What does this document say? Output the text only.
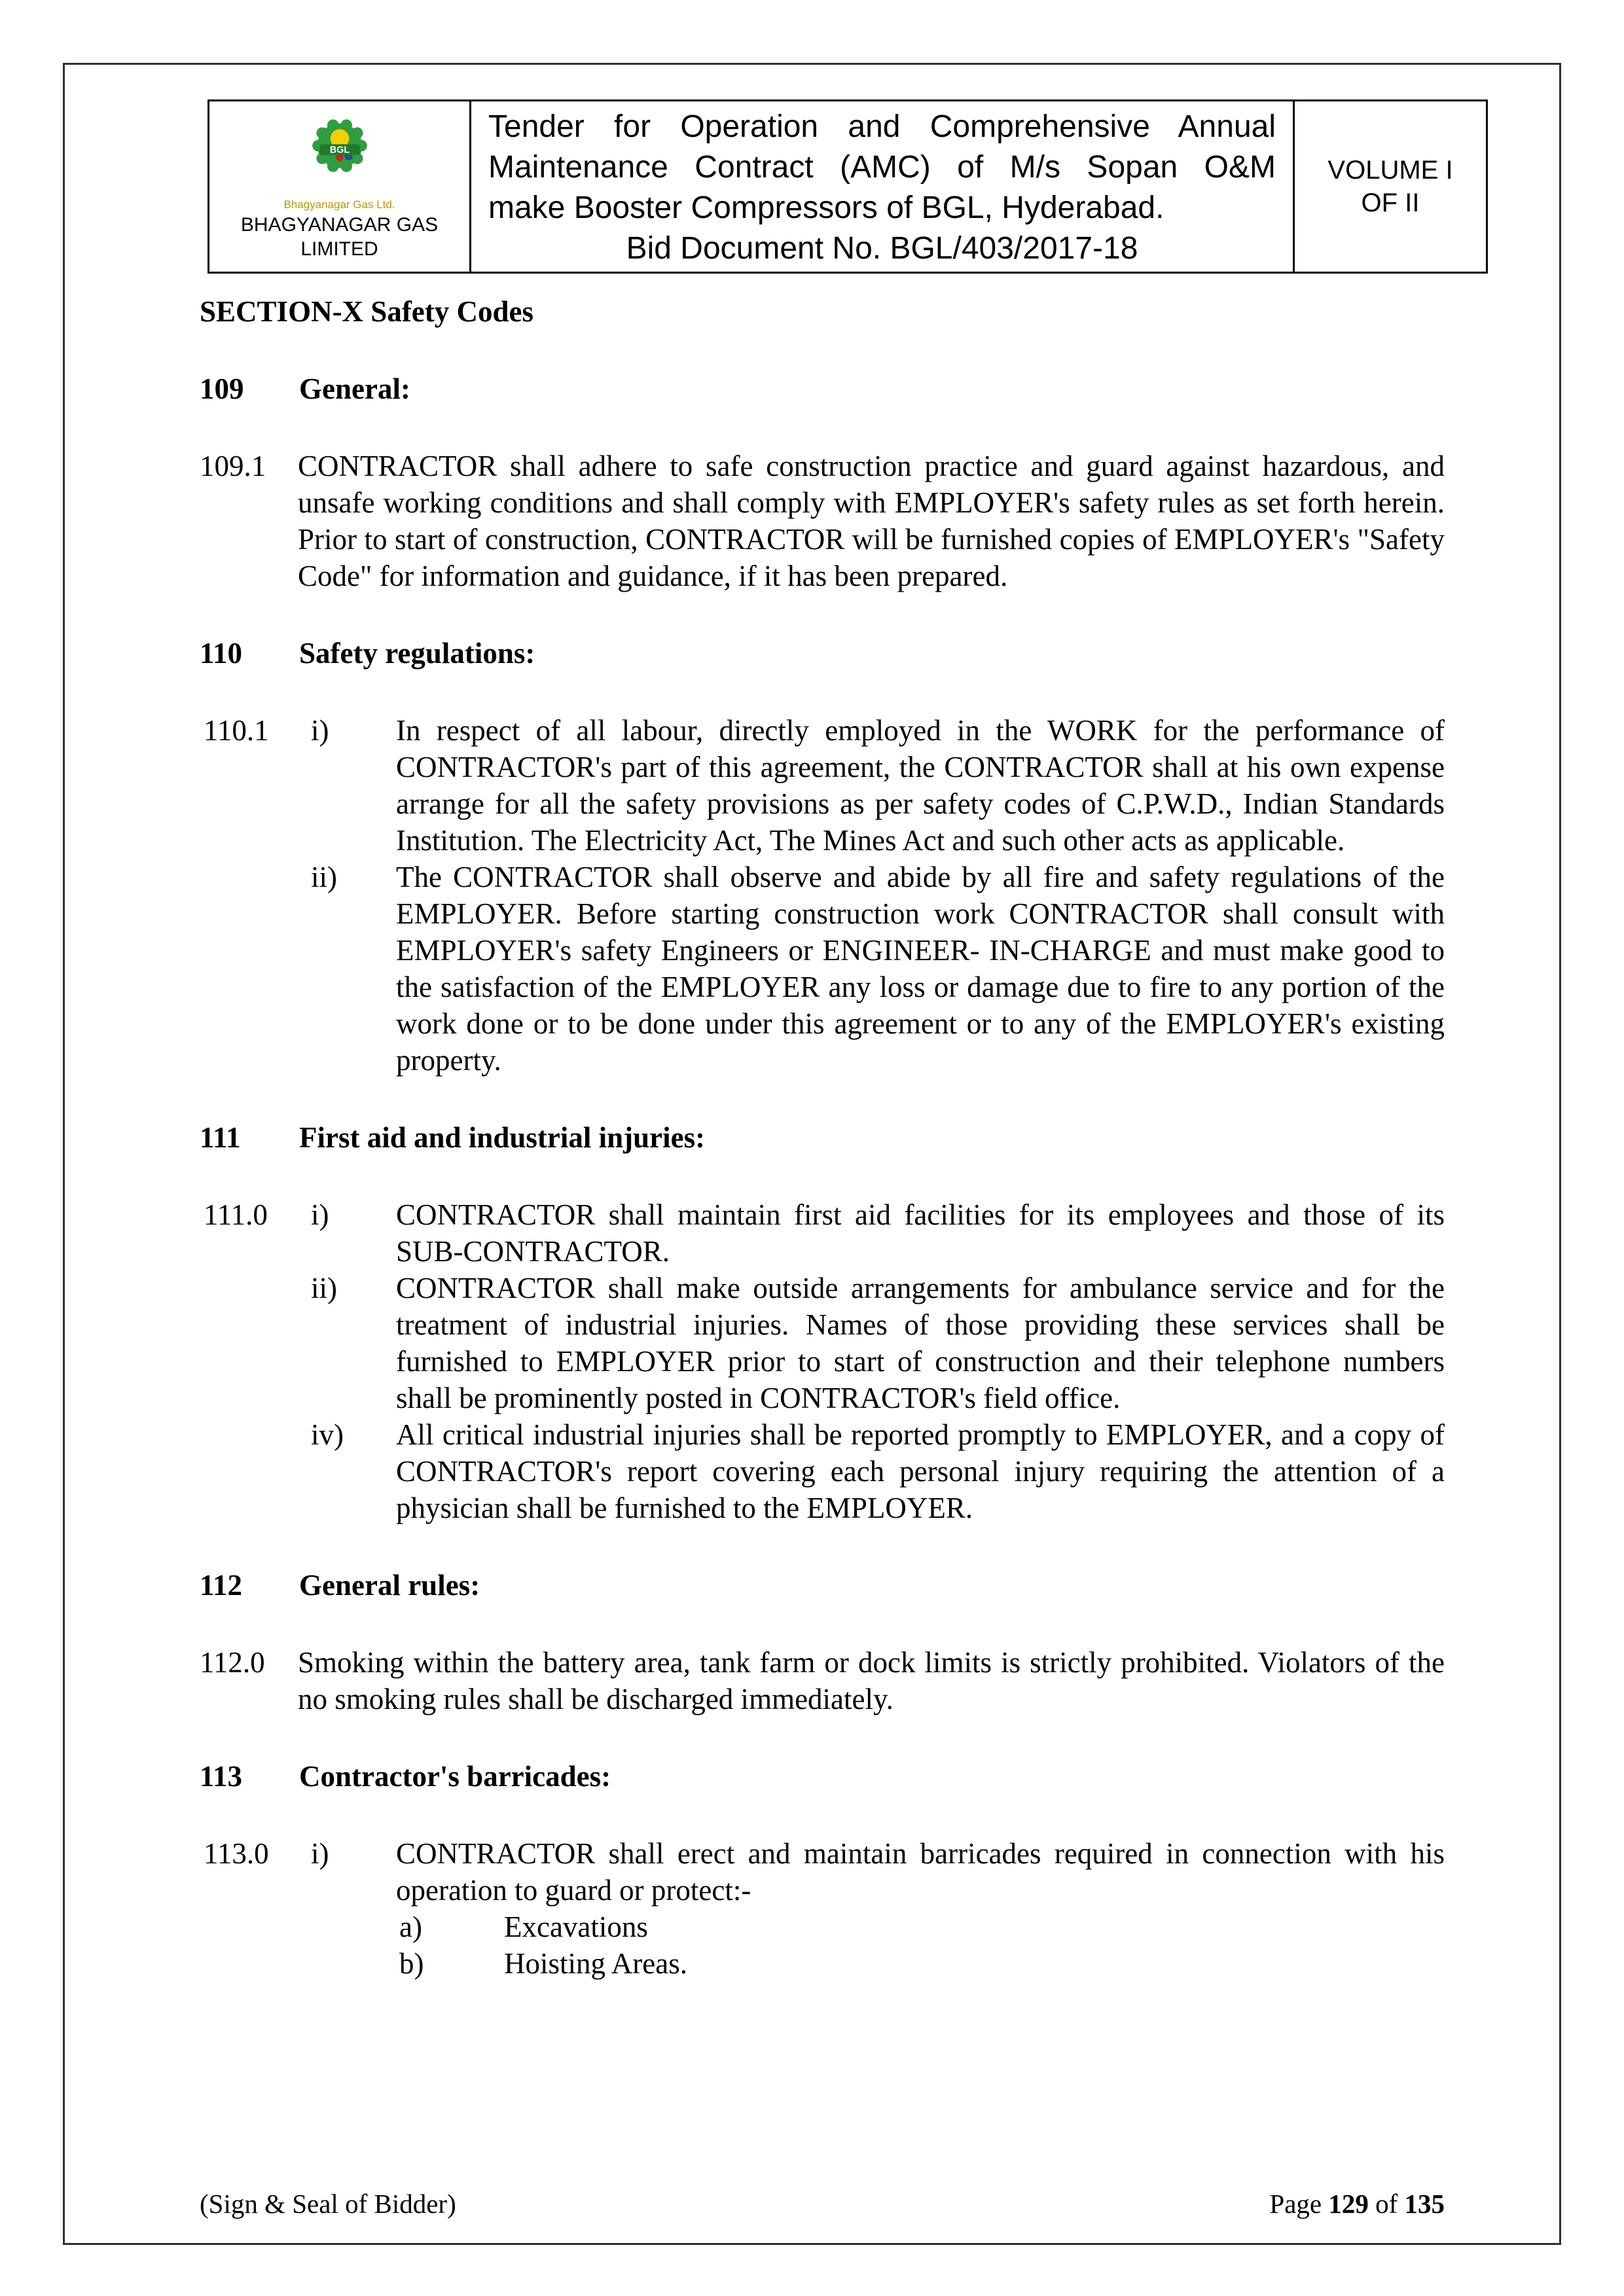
BGL
Bhagyanagar Gas Ltd.
BHAGYANAGAR GAS
LIMITED
Tender for Operation and Comprehensive Annual
Maintenance Contract (AMC) of M/s Sopan O&M
make Booster Compressors of BGL, Hyderabad.
Bid Document No. BGL/403/2017-18
VOLUME I
OF II
SECTION-X Safety Codes
109	General:
109.1 CONTRACTOR shall adhere to safe construction practice and guard against hazardous, and unsafe working conditions and shall comply with EMPLOYER's safety rules as set forth herein. Prior to start of construction, CONTRACTOR will be furnished copies of EMPLOYER's "Safety Code" for information and guidance, if it has been prepared.
110	Safety regulations:
110.1 i) In respect of all labour, directly employed in the WORK for the performance of CONTRACTOR's part of this agreement, the CONTRACTOR shall at his own expense arrange for all the safety provisions as per safety codes of C.P.W.D., Indian Standards Institution. The Electricity Act, The Mines Act and such other acts as applicable.
ii) The CONTRACTOR shall observe and abide by all fire and safety regulations of the EMPLOYER. Before starting construction work CONTRACTOR shall consult with EMPLOYER's safety Engineers or ENGINEER- IN-CHARGE and must make good to the satisfaction of the EMPLOYER any loss or damage due to fire to any portion of the work done or to be done under this agreement or to any of the EMPLOYER's existing property.
111	First aid and industrial injuries:
111.0 i) CONTRACTOR shall maintain first aid facilities for its employees and those of its SUB-CONTRACTOR.
ii) CONTRACTOR shall make outside arrangements for ambulance service and for the treatment of industrial injuries. Names of those providing these services shall be furnished to EMPLOYER prior to start of construction and their telephone numbers shall be prominently posted in CONTRACTOR's field office.
iv) All critical industrial injuries shall be reported promptly to EMPLOYER, and a copy of CONTRACTOR's report covering each personal injury requiring the attention of a physician shall be furnished to the EMPLOYER.
112	General rules:
112.0 Smoking within the battery area, tank farm or dock limits is strictly prohibited. Violators of the no smoking rules shall be discharged immediately.
113	Contractor's barricades:
113.0 i) CONTRACTOR shall erect and maintain barricades required in connection with his operation to guard or protect:-
a)	Excavations
b)	Hoisting Areas.
(Sign & Seal of Bidder)	Page 129 of 135
